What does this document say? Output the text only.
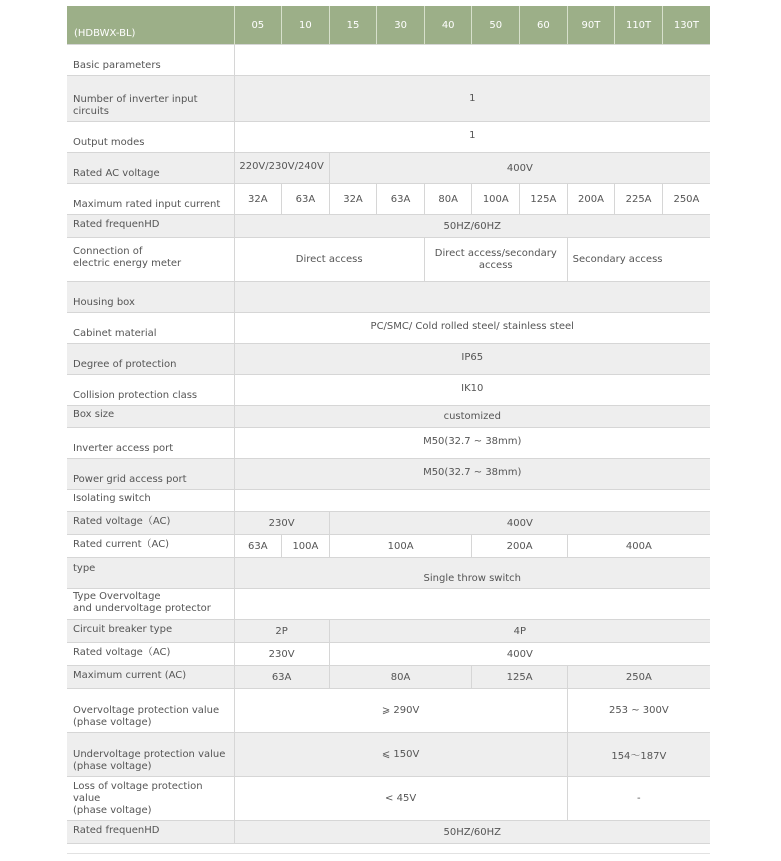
(HDBWX-BL)	05	10	15	30	40	50	60	90T	110T	130T
Basic parameters										

Number of inverter input
circuits	1									
Output modes	1									
Rated AC voltage	220V/230V/240V		400V							
Maximum rated input current	32A	63A	32A	63A	80A	100A	125A	200A	225A	250A
Rated frequenHD	50HZ/60HZ									

Connection of
electric energy meter	Direct access				Direct access/secondary access			Secondary access		
Housing box										
Cabinet material	PC/SMC/ Cold rolled steel/ stainless steel									
Degree of protection	IP65									
Collision protection class	IK10									
Box size	customized									
Inverter access port	M50(32.7 ~ 38mm)									
Power grid access port	M50(32.7 ~ 38mm)									
Isolating switch										
Rated voltage（AC)	230V		400V							
Rated current（AC)	63A	100A	100A			200A		400A		
type	Single throw switch									

Type Overvoltage
and undervoltage protector										

Circuit breaker type	2P		4P							
Rated voltage（AC)	230V		400V							
Maximum current (AC)	63A		80A			125A		250A		

Overvoltage protection value
(phase voltage)	⩾ 290V							253 ~ 300V		

Undervoltage protection value
(phase voltage)	⩽ 150V							154～187V		

Loss of voltage protection value
(phase voltage)	< 45V							-		
Rated frequenHD	50HZ/60HZ									
